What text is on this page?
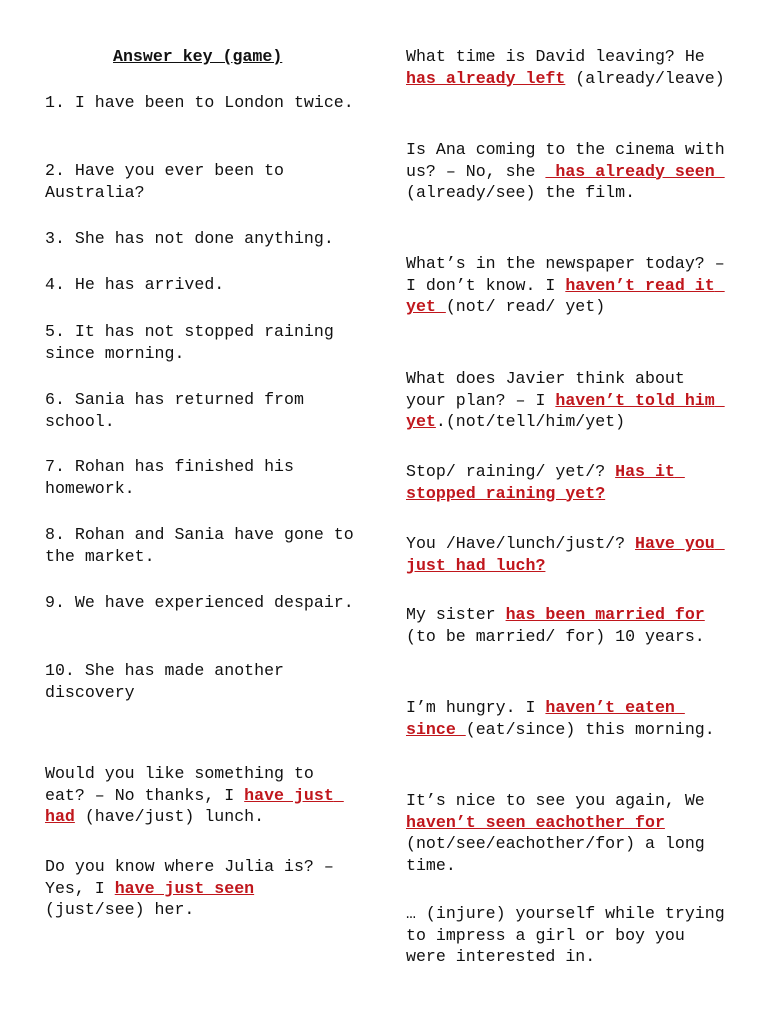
Answer key (game)

1. I have been to London twice.

2. Have you ever been to Australia?

3. She has not done anything.

4. He has arrived.

5. It has not stopped raining since morning.

6. Sania has returned from school.

7. Rohan has finished his homework.

8. Rohan and Sania have gone to the market.

9. We have experienced despair.

10. She has made another discovery

Would you like something to eat? – No thanks, I have just had (have/just) lunch.

Do you know where Julia is? – Yes, I have just seen (just/see) her.

What time is David leaving? He has already left (already/leave)

Is Ana coming to the cinema with us? – No, she  has already seen (already/see) the film.

What’s in the newspaper today? – I don’t know. I haven’t read it yet (not/ read/ yet)

What does Javier think about your plan? – I haven’t told him yet.(not/tell/him/yet)

Stop/ raining/ yet/? Has it stopped raining yet?

You /Have/lunch/just/? Have you just had luch?

My sister has been married for (to be married/ for) 10 years.

I’m hungry. I haven’t eaten since (eat/since) this morning.

It’s nice to see you again, We haven’t seen eachother for (not/see/eachother/for) a long time.

… (injure) yourself while trying to impress a girl or boy you were interested in.
